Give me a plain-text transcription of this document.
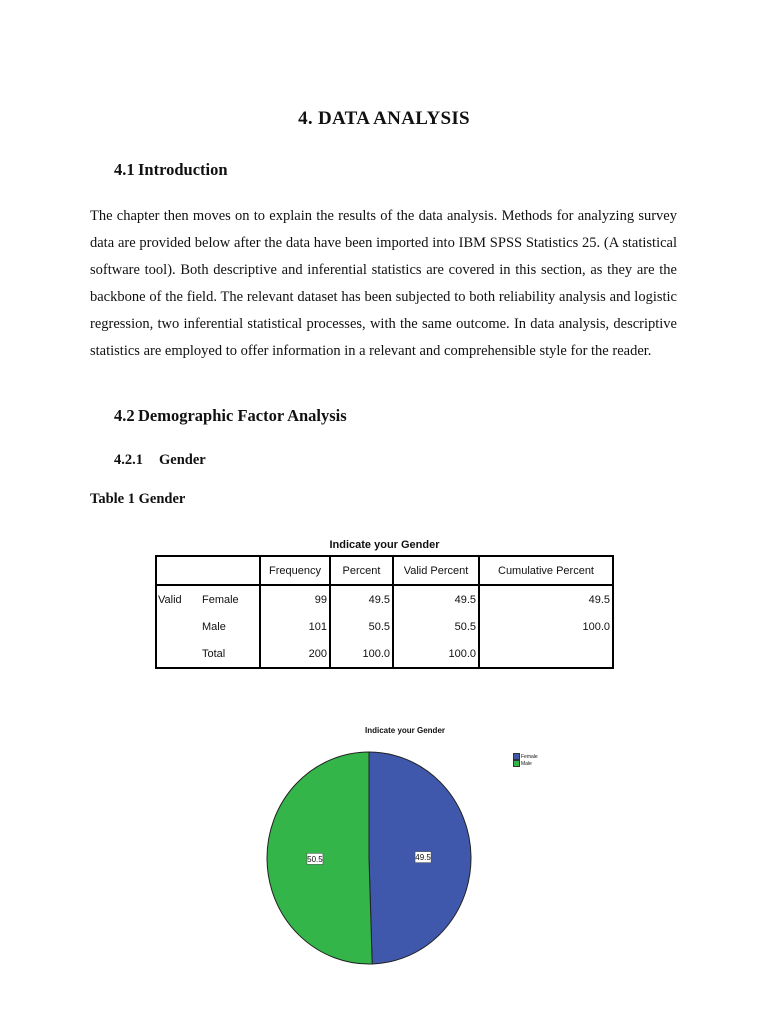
4. DATA ANALYSIS
4.1 Introduction
The chapter then moves on to explain the results of the data analysis. Methods for analyzing survey data are provided below after the data have been imported into IBM SPSS Statistics 25. (A statistical software tool). Both descriptive and inferential statistics are covered in this section, as they are the backbone of the field. The relevant dataset has been subjected to both reliability analysis and logistic regression, two inferential statistical processes, with the same outcome. In data analysis, descriptive statistics are employed to offer information in a relevant and comprehensible style for the reader.
4.2 Demographic Factor Analysis
4.2.1 Gender
Table 1 Gender
Indicate your Gender
		Frequency	Percent	Valid Percent	Cumulative Percent
Valid	Female	99	49.5	49.5	49.5
	Male	101	50.5	50.5	100.0
	Total	200	100.0	100.0	
Indicate your Gender
49.5
50.5
Female
Male
